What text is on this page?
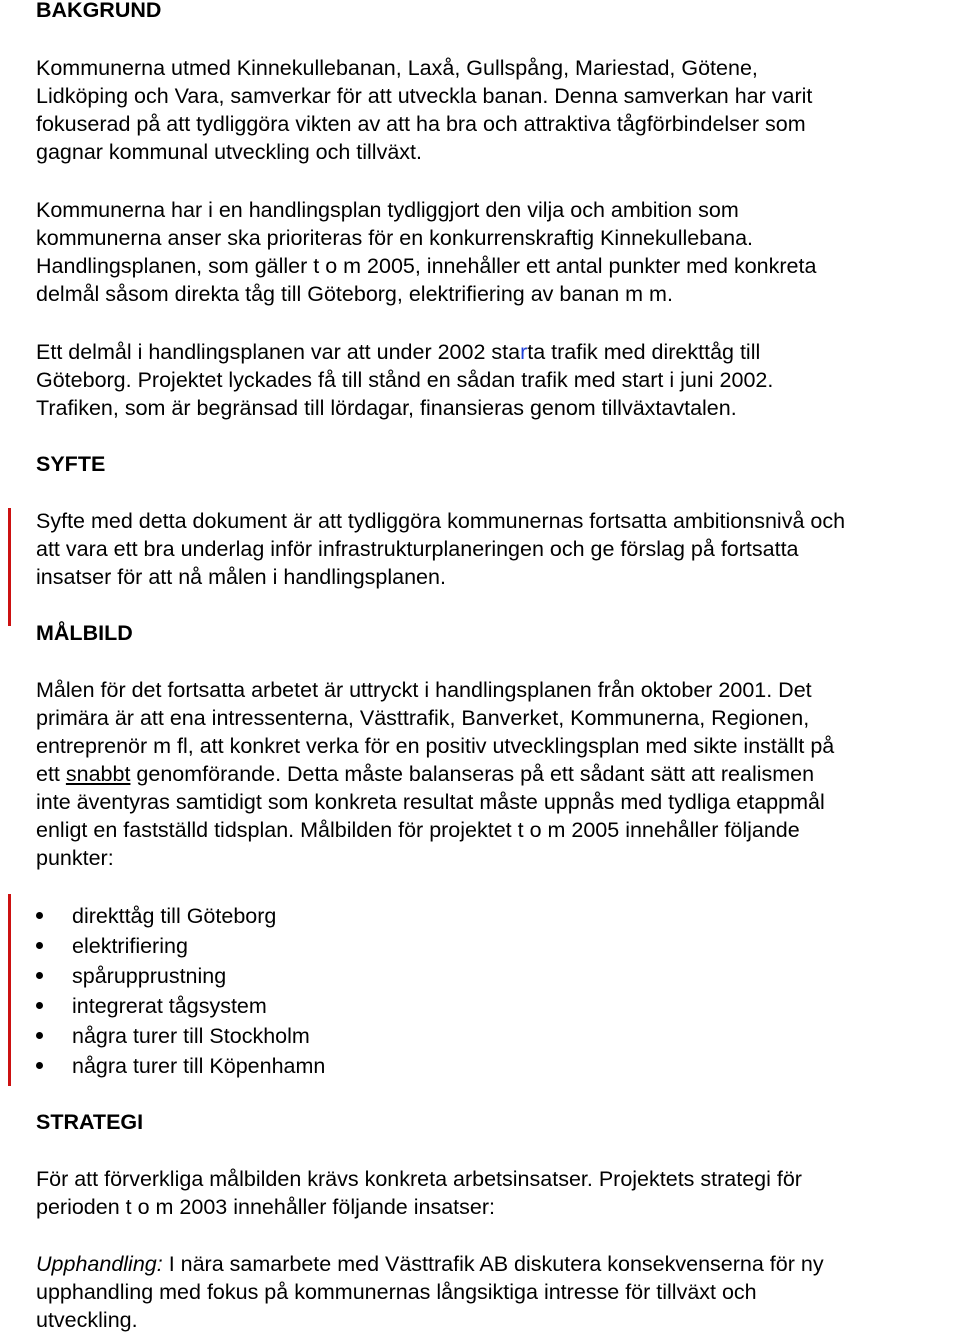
BAKGRUND
Kommunerna utmed Kinnekullebanan, Laxå, Gullspång, Mariestad, Götene,
Lidköping och Vara, samverkar för att utveckla banan. Denna samverkan har varit
fokuserad på att tydliggöra vikten av att ha bra och attraktiva tågförbindelser som
gagnar kommunal utveckling och tillväxt.
Kommunerna har i en handlingsplan tydliggjort den vilja och ambition som
kommunerna anser ska prioriteras för en konkurrenskraftig Kinnekullebana.
Handlingsplanen, som gäller t o m 2005, innehåller ett antal punkter med konkreta
delmål såsom direkta tåg till Göteborg, elektrifiering av banan m m.
Ett delmål i handlingsplanen var att under 2002 starta trafik med direkttåg till
Göteborg. Projektet lyckades få till stånd en sådan trafik med start i juni 2002.
Trafiken, som är begränsad till lördagar, finansieras genom tillväxtavtalen.
SYFTE
Syfte med detta dokument är att tydliggöra kommunernas fortsatta ambitionsnivå och
att vara ett bra underlag inför infrastrukturplaneringen och ge förslag på fortsatta
insatser för att nå målen i handlingsplanen.
MÅLBILD
Målen för det fortsatta arbetet är uttryckt i handlingsplanen från oktober 2001. Det
primära är att ena intressenterna, Västtrafik, Banverket, Kommunerna, Regionen,
entreprenör m fl, att konkret verka för en positiv utvecklingsplan med sikte inställt på
ett snabbt genomförande. Detta måste balanseras på ett sådant sätt att realismen
inte äventyras samtidigt som konkreta resultat måste uppnås med tydliga etappmål
enligt en fastställd tidsplan. Målbilden för projektet t o m 2005 innehåller följande
punkter:
direkttåg till Göteborg
elektrifiering
spårupprustning
integrerat tågsystem
några turer till Stockholm
några turer till Köpenhamn
STRATEGI
För att förverkliga målbilden krävs konkreta arbetsinsatser. Projektets strategi för
perioden t o m 2003 innehåller följande insatser:
Upphandling: I nära samarbete med Västtrafik AB diskutera konsekvenserna för ny
upphandling med fokus på kommunernas långsiktiga intresse för tillväxt och
utveckling.
